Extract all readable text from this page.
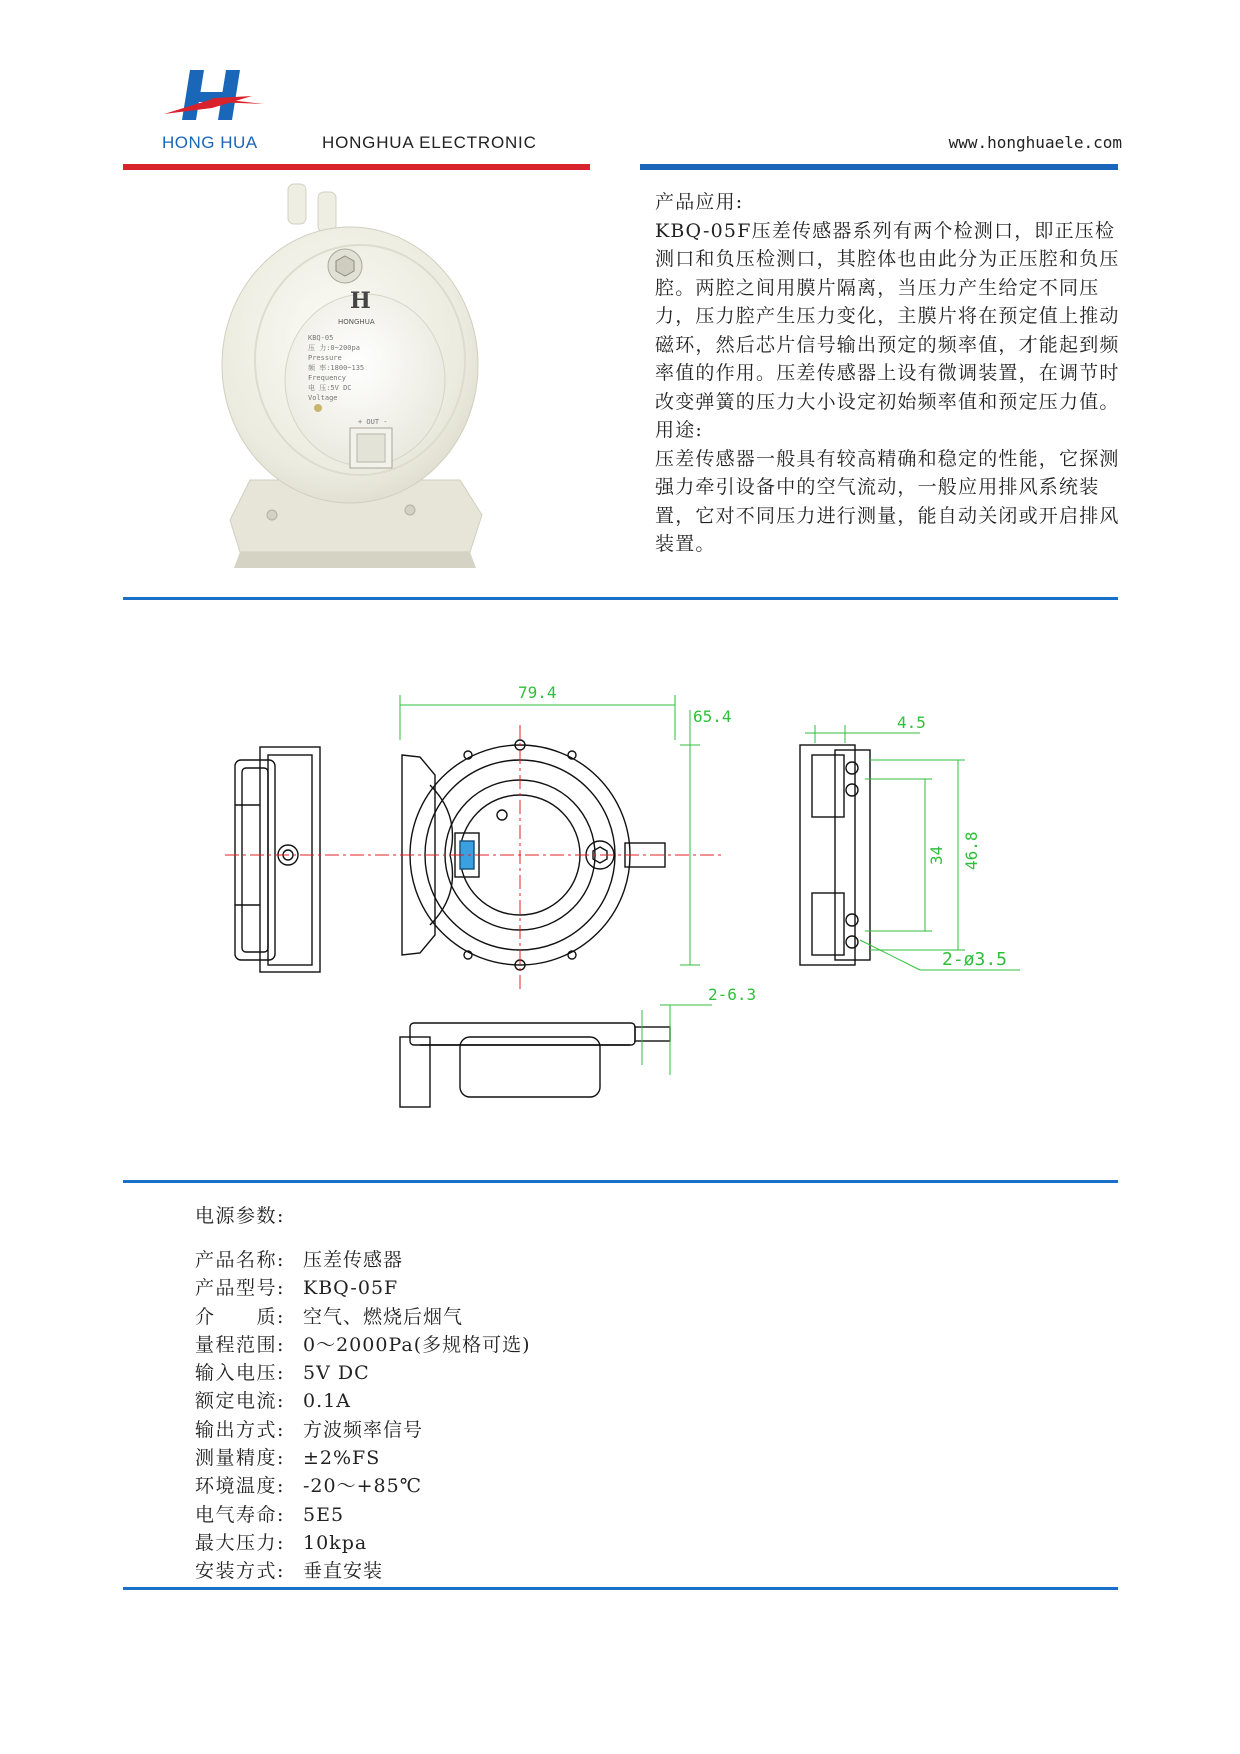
HONG HUA	HONGHUA ELECTRONIC	www.honghuaele.com
H
HONGHUA
KBQ-05
压 力:0~200pa
Pressure
频 率:1800~135
Frequency
电 压:5V DC
Voltage
+ OUT -

产品应用:

KBQ-05F压差传感器系列有两个检测口，即正压检测口和负压检测口，其腔体也由此分为正压腔和负压腔。两腔之间用膜片隔离，当压力产生给定不同压力，压力腔产生压力变化，主膜片将在预定值上推动磁环，然后芯片信号输出预定的频率值，才能起到频率值的作用。压差传感器上设有微调装置，在调节时改变弹簧的压力大小设定初始频率值和预定压力值。

用途:

压差传感器一般具有较高精确和稳定的性能，它探测强力牵引设备中的空气流动，一般应用排风系统装置，它对不同压力进行测量，能自动关闭或开启排风装置。

79.4
65.4	4.5
34 46.8
2-ø3.5
2-6.3
电源参数:
产品名称: 压差传感器
产品型号: KBQ-05F
介　　质: 空气、燃烧后烟气
量程范围: 0～2000Pa(多规格可选)
输入电压: 5V DC
额定电流: 0.1A
输出方式: 方波频率信号
测量精度: ±2%FS
环境温度: -20～+85℃
电气寿命: 5E5
最大压力: 10kpa
安装方式: 垂直安装
